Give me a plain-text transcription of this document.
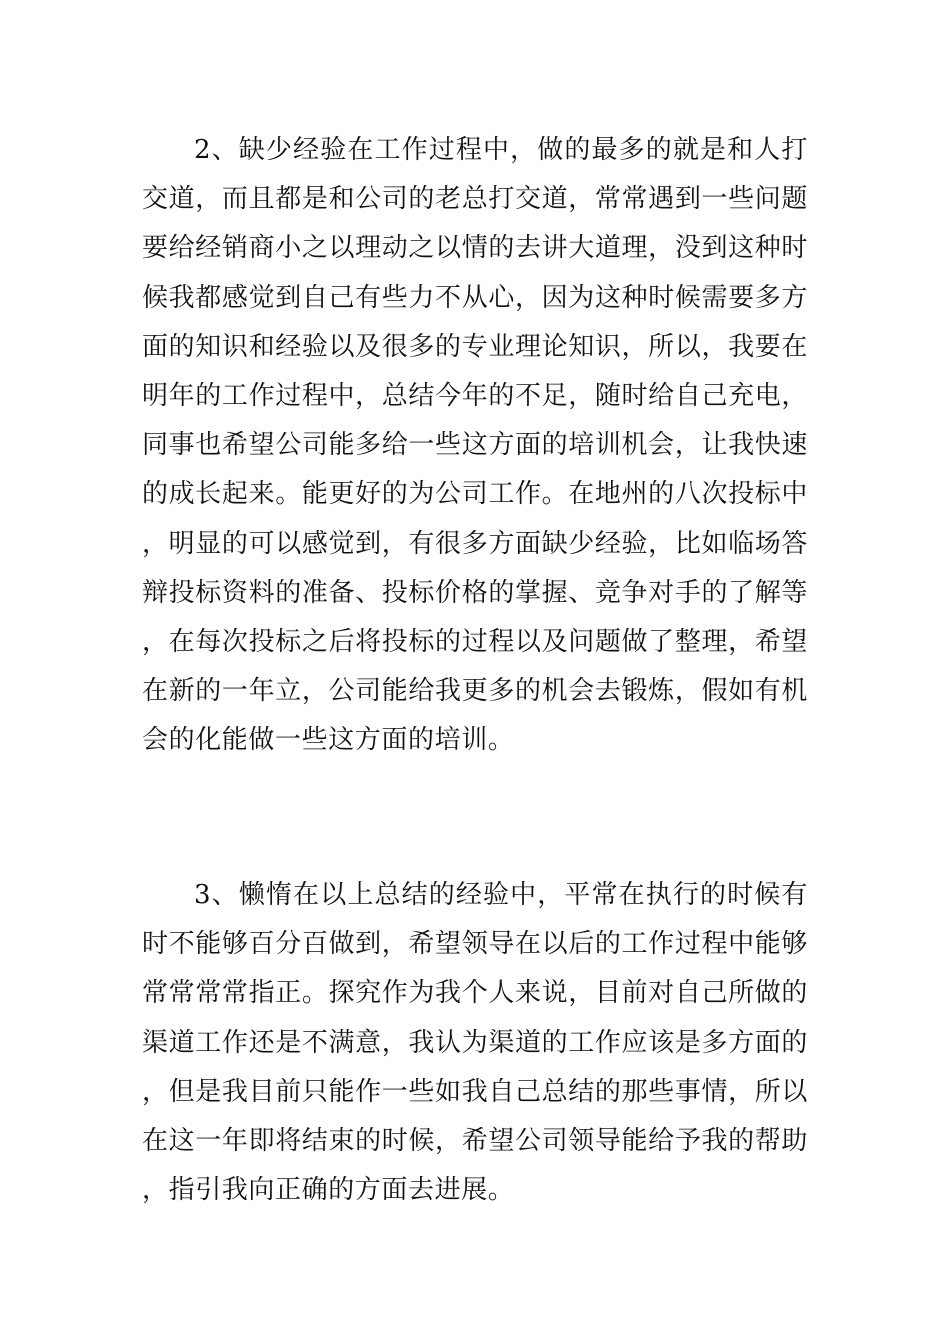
2、缺少经验在工作过程中，做的最多的就是和人打交道，而且都是和公司的老总打交道，常常遇到一些问题要给经销商小之以理动之以情的去讲大道理，没到这种时候我都感觉到自己有些力不从心，因为这种时候需要多方面的知识和经验以及很多的专业理论知识，所以，我要在明年的工作过程中，总结今年的不足，随时给自己充电，同事也希望公司能多给一些这方面的培训机会，让我快速的成长起来。能更好的为公司工作。在地州的八次投标中，明显的可以感觉到，有很多方面缺少经验，比如临场答辩投标资料的准备、投标价格的掌握、竞争对手的了解等，在每次投标之后将投标的过程以及问题做了整理，希望在新的一年立，公司能给我更多的机会去锻炼，假如有机会的化能做一些这方面的培训。

3、懒惰在以上总结的经验中，平常在执行的时候有时不能够百分百做到，希望领导在以后的工作过程中能够常常常常指正。探究作为我个人来说，目前对自己所做的渠道工作还是不满意，我认为渠道的工作应该是多方面的，但是我目前只能作一些如我自己总结的那些事情，所以在这一年即将结束的时候，希望公司领导能给予我的帮助，指引我向正确的方面去进展。
